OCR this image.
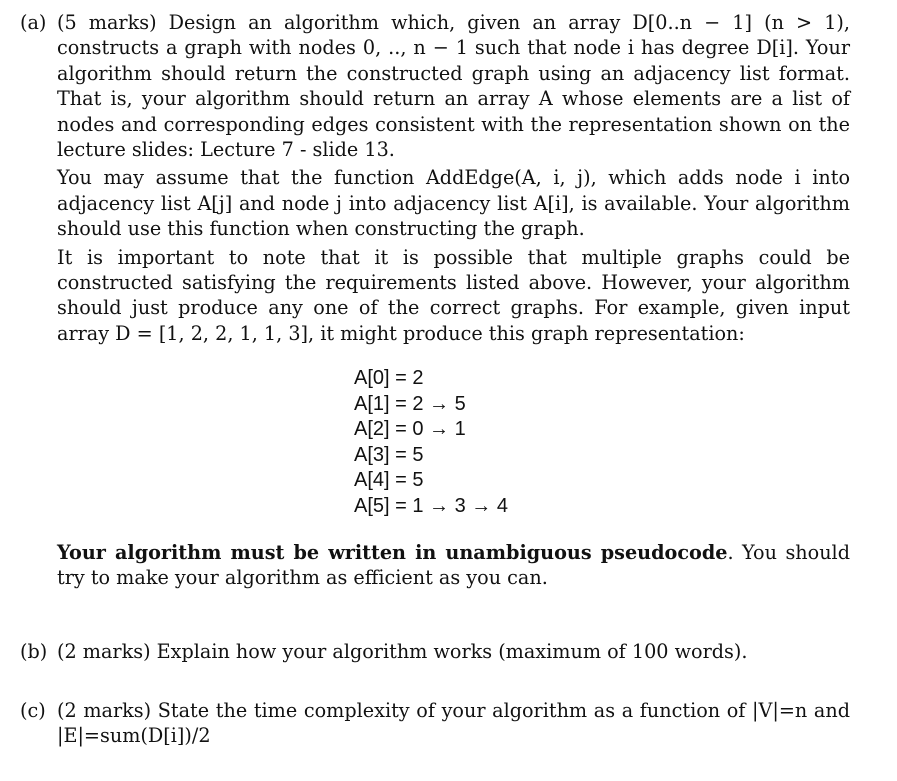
(a) (5 marks) Design an algorithm which, given an array D[0..n − 1] (n > 1), constructs a graph with nodes 0, .., n − 1 such that node i has degree D[i]. Your algorithm should return the constructed graph using an adjacency list format. That is, your algorithm should return an array A whose elements are a list of nodes and corresponding edges consistent with the representation shown on the lecture slides: Lecture 7 - slide 13.

You may assume that the function AddEdge(A, i, j), which adds node i into adjacency list A[j] and node j into adjacency list A[i], is available. Your algorithm should use this function when constructing the graph.

It is important to note that it is possible that multiple graphs could be constructed satisfying the requirements listed above. However, your algorithm should just produce any one of the correct graphs. For example, given input array D = [1, 2, 2, 1, 1, 3], it might produce this graph representation:

A[0] = 2
A[1] = 2 → 5
A[2] = 0 → 1
A[3] = 5
A[4] = 5
A[5] = 1 → 3 → 4

Your algorithm must be written in unambiguous pseudocode. You should try to make your algorithm as efficient as you can.

(b) (2 marks) Explain how your algorithm works (maximum of 100 words).

(c) (2 marks) State the time complexity of your algorithm as a function of |V|=n and |E|=sum(D[i])/2
